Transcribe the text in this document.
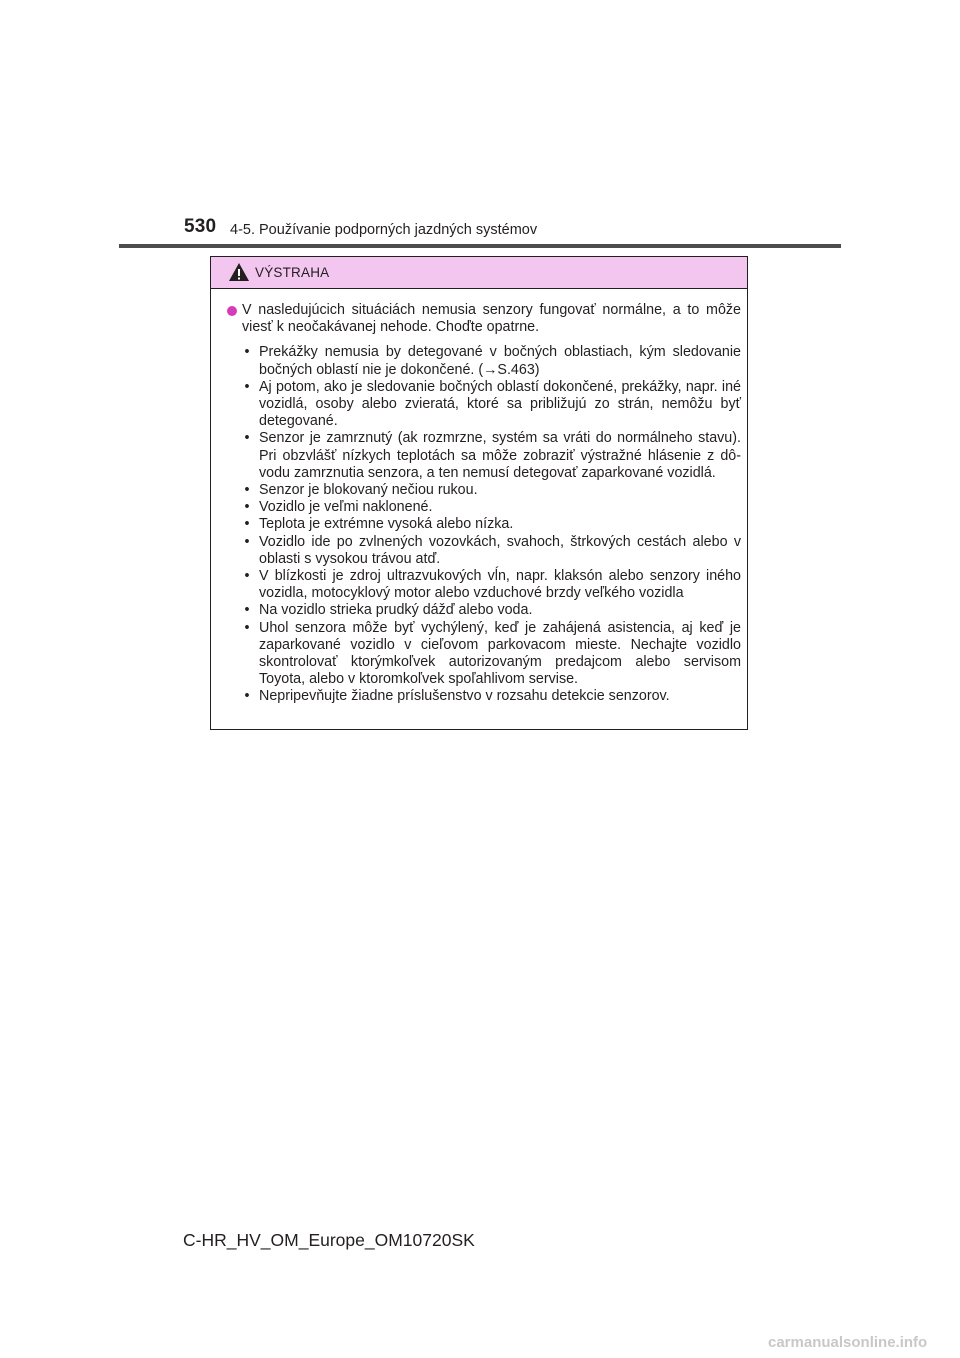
530 4-5. Používanie podporných jazdných systémov
VÝSTRAHA
V nasledujúcich situáciách nemusia senzory fungovať normálne, a to môže viesť k neočakávanej nehode. Choďte opatrne.
• Prekážky nemusia by detegované v bočných oblastiach, kým sledovanie bočných oblastí nie je dokončené. (→S.463)
• Aj potom, ako je sledovanie bočných oblastí dokončené, prekážky, napr. iné vozidlá, osoby alebo zvieratá, ktoré sa približujú zo strán, nemôžu byť detegované.
• Senzor je zamrznutý (ak rozmrzne, systém sa vráti do normálneho stavu). Pri obzvlášť nízkych teplotách sa môže zobraziť výstražné hlásenie z dô-vodu zamrznutia senzora, a ten nemusí detegovať zaparkované vozidlá.
• Senzor je blokovaný nečiou rukou.
• Vozidlo je veľmi naklonené.
• Teplota je extrémne vysoká alebo nízka.
• Vozidlo ide po zvlnených vozovkách, svahoch, štrkových cestách alebo v oblasti s vysokou trávou atď.
• V blízkosti je zdroj ultrazvukových vĺn, napr. klaksón alebo senzory iného vozidla, motocyklový motor alebo vzduchové brzdy veľkého vozidla
• Na vozidlo strieka prudký dážď alebo voda.
• Uhol senzora môže byť vychýlený, keď je zahájená asistencia, aj keď je zaparkované vozidlo v cieľovom parkovacom mieste. Nechajte vozidlo skontrolovať ktorýmkoľvek autorizovaným predajcom alebo servisom Toyota, alebo v ktoromkoľvek spoľahlivom servise.
• Nepripevňujte žiadne príslušenstvo v rozsahu detekcie senzorov.
C-HR_HV_OM_Europe_OM10720SK
carmanualsonline.info
